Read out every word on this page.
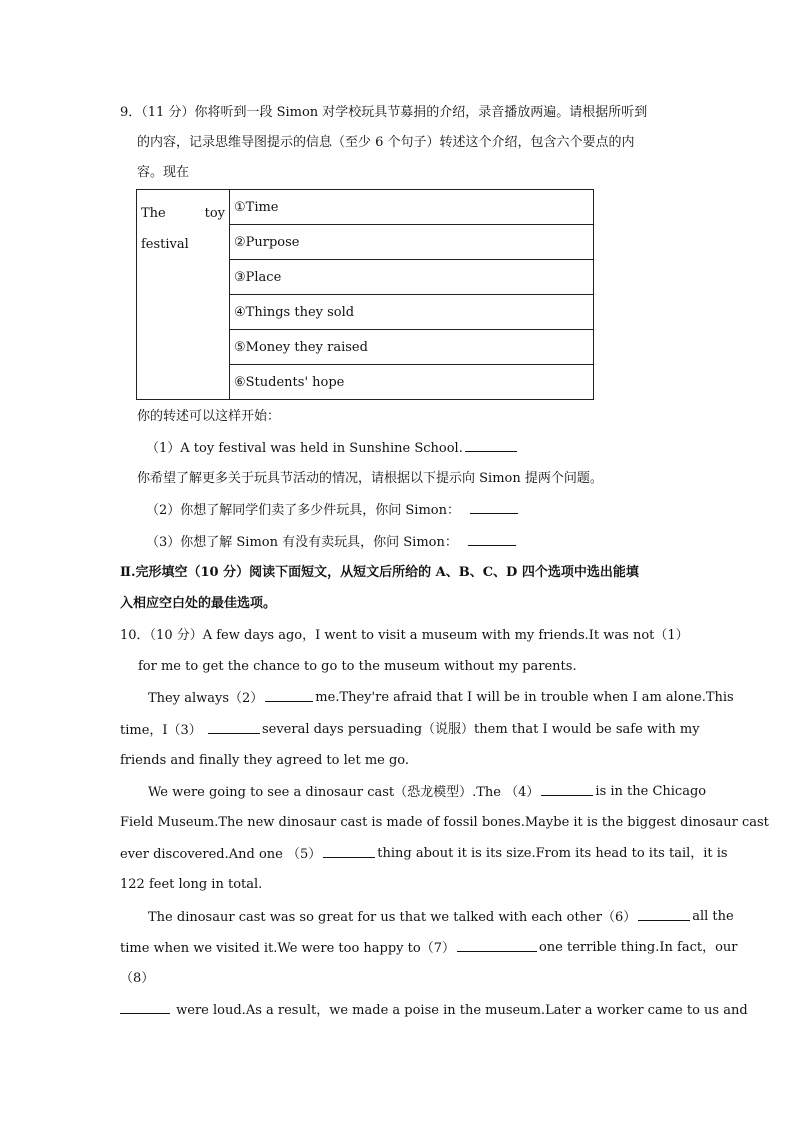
9．（11 分）你将听到一段 Simon 对学校玩具节募捐的介绍，录音播放两遍。请根据所听到
的内容，记录思维导图提示的信息（至少 6 个句子）转述这个介绍，包含六个要点的内
容。现在
The	toy
festival
	①Time
②Purpose
③Place
④Things they sold
⑤Money they raised
⑥Students' hope
你的转述可以这样开始：
（1）A toy festival was held in Sunshine School.
你希望了解更多关于玩具节活动的情况，请根据以下提示向 Simon 提两个问题。
（2）你想了解同学们卖了多少件玩具，你问 Simon：
（3）你想了解 Simon 有没有卖玩具，你问 Simon：
Ⅱ.完形填空（10 分）阅读下面短文，从短文后所给的 A、B、C、D 四个选项中选出能填
入相应空白处的最佳选项。
10．（10 分）A few days ago，I went to visit a museum with my friends.It was not （1）
for me to get the chance to go to the museum without my parents.
They always（2）	me.They're afraid that I will be in trouble when I am alone.This
time，I（3）	several days persuading（说服）them that I would be safe with my
friends and finally they agreed to let me go.
We were going to see a dinosaur cast（恐龙模型）.The （4）	is in the Chicago
Field Museum.The new dinosaur cast is made of fossil bones.Maybe it is the biggest dinosaur cast
ever discovered.And one （5）	thing about it is its size.From its head to its tail，it is
122 feet long in total.
The dinosaur cast was so great for us that we talked with each other（6）	all the
time when we visited it.We were too happy to（7）	one terrible thing.In fact，our
（8）
were loud.As a result，we made a poise in the museum.Later a worker came to us and
